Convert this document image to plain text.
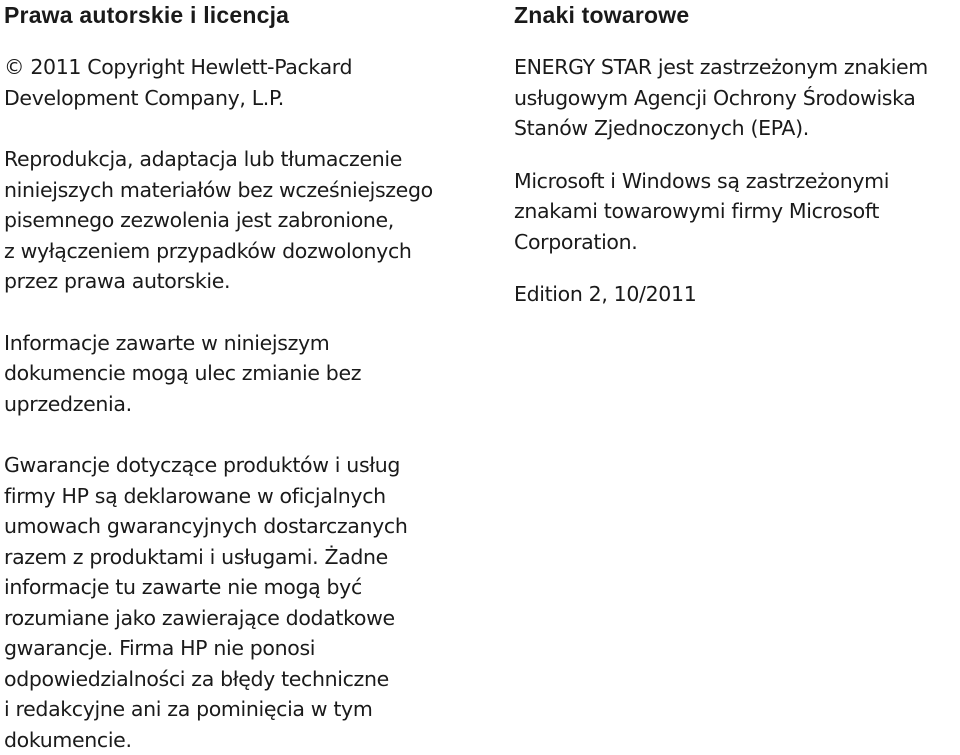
Prawa autorskie i licencja

© 2011 Copyright Hewlett-Packard
Development Company, L.P.

Reprodukcja, adaptacja lub tłumaczenie
niniejszych materiałów bez wcześniejszego
pisemnego zezwolenia jest zabronione,
z wyłączeniem przypadków dozwolonych
przez prawa autorskie.

Informacje zawarte w niniejszym
dokumencie mogą ulec zmianie bez
uprzedzenia.

Gwarancje dotyczące produktów i usług
firmy HP są deklarowane w oficjalnych
umowach gwarancyjnych dostarczanych
razem z produktami i usługami. Żadne
informacje tu zawarte nie mogą być
rozumiane jako zawierające dodatkowe
gwarancje. Firma HP nie ponosi
odpowiedzialności za błędy techniczne
i redakcyjne ani za pominięcia w tym
dokumencie.

Znaki towarowe

ENERGY STAR jest zastrzeżonym znakiem
usługowym Agencji Ochrony Środowiska
Stanów Zjednoczonych (EPA).

Microsoft i Windows są zastrzeżonymi
znakami towarowymi firmy Microsoft
Corporation.

Edition 2, 10/2011
